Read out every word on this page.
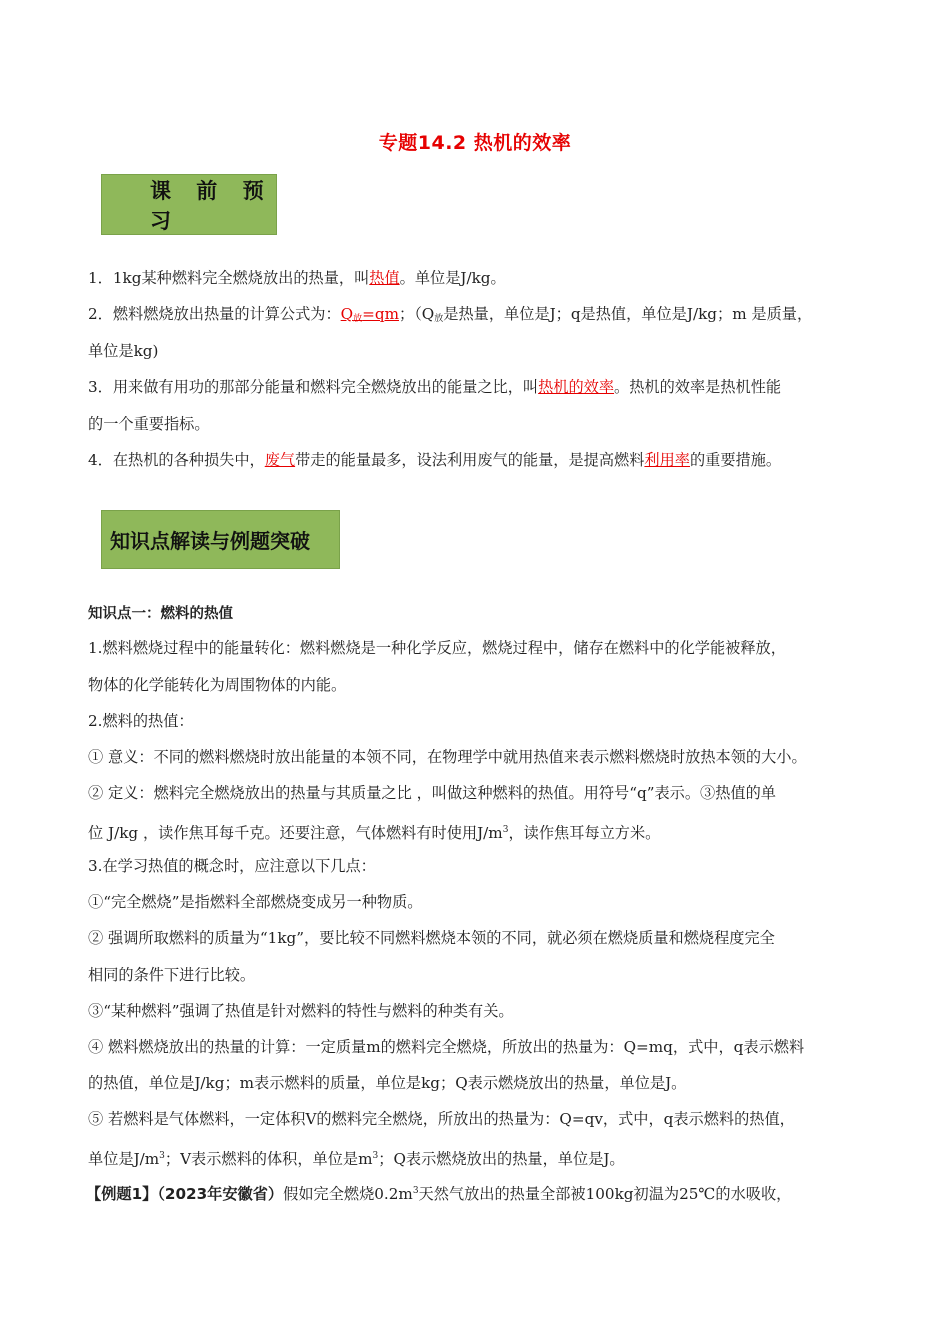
专题14.2 热机的效率
课 前 预 习
1．1kg某种燃料完全燃烧放出的热量，叫热值。单位是J/kg。
2．燃料燃烧放出热量的计算公式为：$Q_放=qm$；（$Q_放$是热量，单位是J；q是热值，单位是J/kg；m 是质量，
单位是kg)
3．用来做有用功的那部分能量和燃料完全燃烧放出的能量之比，叫热机的效率。热机的效率是热机性能
的一个重要指标。
4．在热机的各种损失中，废气带走的能量最多，设法利用废气的能量，是提高燃料利用率的重要措施。
知识点解读与例题突破
知识点一：燃料的热值
1.燃料燃烧过程中的能量转化：燃料燃烧是一种化学反应，燃烧过程中，储存在燃料中的化学能被释放，
物体的化学能转化为周围物体的内能。
2.燃料的热值：
① 意义：不同的燃料燃烧时放出能量的本领不同，在物理学中就用热值来表示燃料燃烧时放热本领的大小。
② 定义：燃料完全燃烧放出的热量与其质量之比 ，叫做这种燃料的热值。用符号“q”表示。③热值的单
位 J/kg ，读作焦耳每千克。还要注意，气体燃料有时使用$J/m^3$，读作焦耳每立方米。
3.在学习热值的概念时，应注意以下几点：
①“完全燃烧”是指燃料全部燃烧变成另一种物质。
② 强调所取燃料的质量为“1kg”，要比较不同燃料燃烧本领的不同，就必须在燃烧质量和燃烧程度完全
相同的条件下进行比较。
③“某种燃料”强调了热值是针对燃料的特性与燃料的种类有关。
④ 燃料燃烧放出的热量的计算：一定质量m的燃料完全燃烧，所放出的热量为：Q=mq，式中，q表示燃料
的热值，单位是J/kg；m表示燃料的质量，单位是kg；Q表示燃烧放出的热量，单位是J。
⑤ 若燃料是气体燃料，一定体积V的燃料完全燃烧，所放出的热量为：Q=qv，式中，q表示燃料的热值，
单位是$J/m^3$；V表示燃料的体积，单位是$m^3$；Q表示燃烧放出的热量，单位是J。
【例题1】（2023年安徽省）假如完全燃烧$0.2m^3$天然气放出的热量全部被100kg初温为25℃的水吸收，
